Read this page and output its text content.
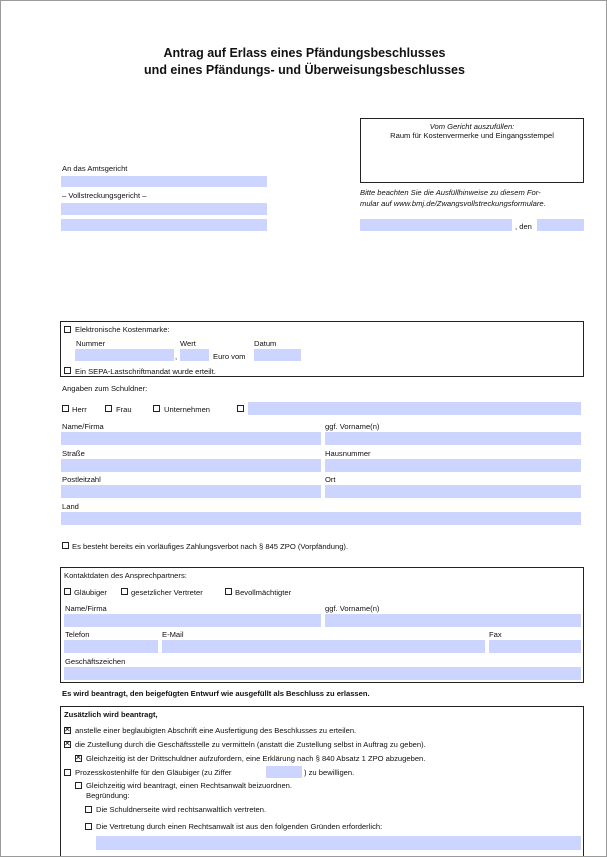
Antrag auf Erlass eines Pfändungsbeschlusses
und eines Pfändungs- und Überweisungsbeschlusses
Vom Gericht auszufüllen:
Raum für Kostenvermerke und Eingangsstempel
An das Amtsgericht
– Vollstreckungsgericht –	Bitte beachten Sie die Ausfüllhinweise zu diesem For-
mular auf www.bmj.de/Zwangsvollstreckungsformulare.
, den
Elektronische Kostenmarke:
Nummer	Wert	Datum
,	Euro vom
Ein SEPA-Lastschriftmandat wurde erteilt.
Angaben zum Schuldner:
Herr	Frau	Unternehmen
Name/Firma	ggf. Vorname(n)
Straße	Hausnummer
Postleitzahl	Ort
Land
Es besteht bereits ein vorläufiges Zahlungsverbot nach § 845 ZPO (Vorpfändung).
Kontaktdaten des Ansprechpartners:
Gläubiger	gesetzlicher Vertreter	Bevollmächtigter
Name/Firma	ggf. Vorname(n)
Telefon	E-Mail	Fax
Geschäftszeichen
Es wird beantragt, den beigefügten Entwurf wie ausgefüllt als Beschluss zu erlassen.
Zusätzlich wird beantragt,
✕
anstelle einer beglaubigten Abschrift eine Ausfertigung des Beschlusses zu erteilen.
✕
die Zustellung durch die Geschäftsstelle zu vermitteln (anstatt die Zustellung selbst in Auftrag zu geben).
✕
Gleichzeitig ist der Drittschuldner aufzufordern, eine Erklärung nach § 840 Absatz 1 ZPO abzugeben.
Prozesskostenhilfe für den Gläubiger (zu Ziffer	) zu bewilligen.
Gleichzeitig wird beantragt, einen Rechtsanwalt beizuordnen.
Begründung:
Die Schuldnerseite wird rechtsanwaltlich vertreten.
Die Vertretung durch einen Rechtsanwalt ist aus den folgenden Gründen erforderlich:
